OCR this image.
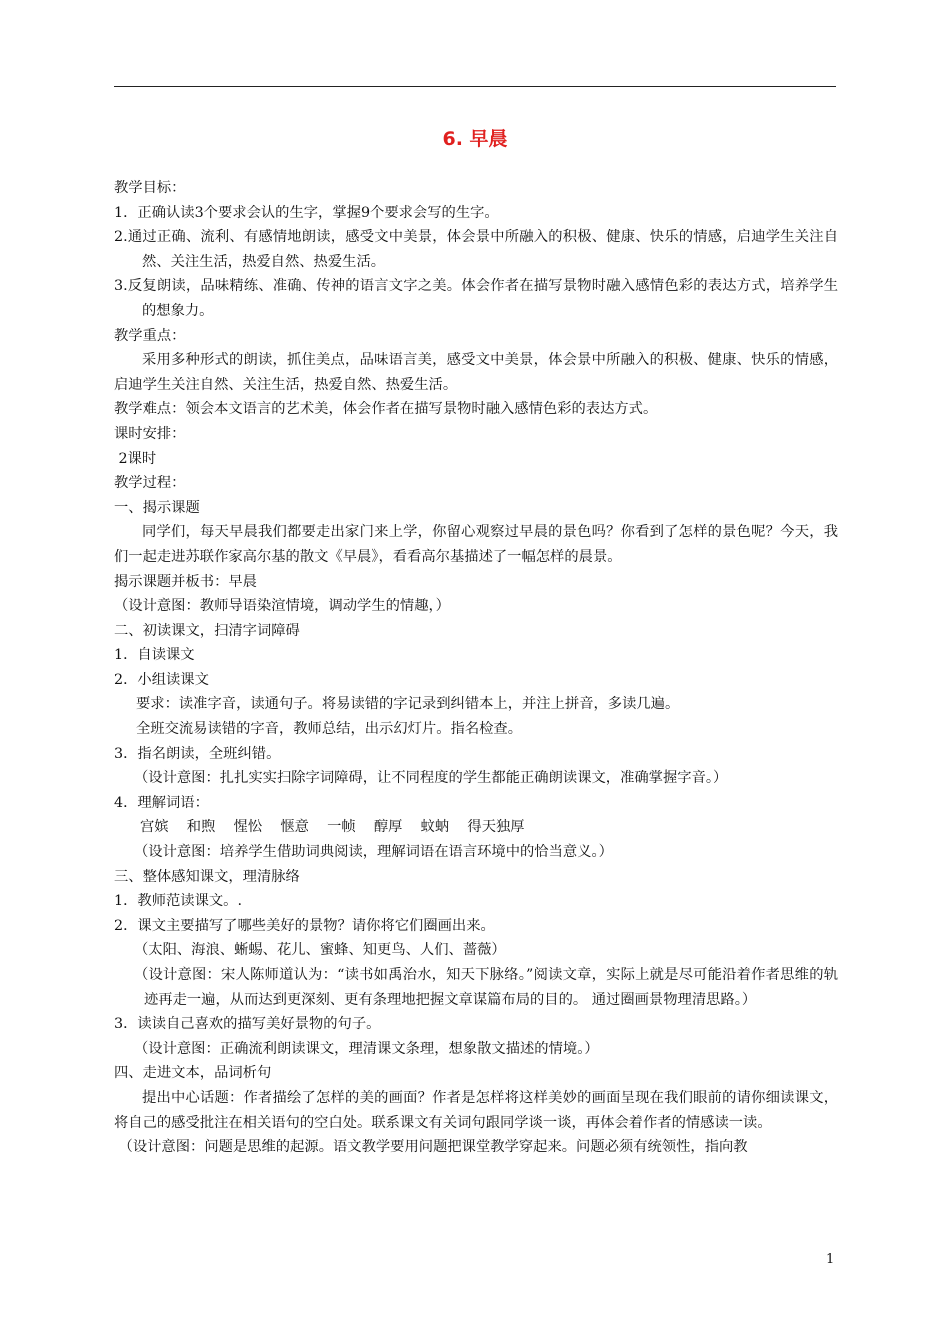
6. 早晨

教学目标：

1．正确认读3个要求会认的生字，掌握9个要求会写的生字。

2.通过正确、流利、有感情地朗读，感受文中美景，体会景中所融入的积极、健康、快乐的情感，启迪学生关注自然、关注生活，热爱自然、热爱生活。

3.反复朗读，品味精练、准确、传神的语言文字之美。体会作者在描写景物时融入感情色彩的表达方式，培养学生的想象力。

教学重点：

采用多种形式的朗读，抓住美点，品味语言美，感受文中美景，体会景中所融入的积极、健康、快乐的情感，启迪学生关注自然、关注生活，热爱自然、热爱生活。

教学难点：领会本文语言的艺术美，体会作者在描写景物时融入感情色彩的表达方式。

课时安排：

2课时

教学过程：

一、揭示课题

同学们，每天早晨我们都要走出家门来上学，你留心观察过早晨的景色吗？你看到了怎样的景色呢？今天，我们一起走进苏联作家高尔基的散文《早晨》，看看高尔基描述了一幅怎样的晨景。

揭示课题并板书：早晨

（设计意图：教师导语染渲情境，调动学生的情趣，）

二、初读课文，扫清字词障碍

1．自读课文

2．小组读课文

要求：读准字音，读通句子。将易读错的字记录到纠错本上，并注上拼音，多读几遍。

全班交流易读错的字音，教师总结，出示幻灯片。指名检查。

3．指名朗读，全班纠错。

（设计意图：扎扎实实扫除字词障碍，让不同程度的学生都能正确朗读课文，准确掌握字音。）

4．理解词语：

宫嫔    和煦    惺忪    惬意    一帧    醇厚    蚊蚋    得天独厚

（设计意图：培养学生借助词典阅读，理解词语在语言环境中的恰当意义。）

三、整体感知课文，理清脉络

1．教师范读课文。.

2．课文主要描写了哪些美好的景物？请你将它们圈画出来。

（太阳、海浪、蜥蜴、花儿、蜜蜂、知更鸟、人们、蔷薇）

（设计意图：宋人陈师道认为：“读书如禹治水，知天下脉络。”阅读文章，实际上就是尽可能沿着作者思维的轨迹再走一遍，从而达到更深刻、更有条理地把握文章谋篇布局的目的。 通过圈画景物理清思路。）

3．读读自己喜欢的描写美好景物的句子。

（设计意图：正确流利朗读课文，理清课文条理，想象散文描述的情境。）

四、走进文本，品词析句

提出中心话题：作者描绘了怎样的美的画面？作者是怎样将这样美妙的画面呈现在我们眼前的请你细读课文，将自己的感受批注在相关语句的空白处。联系课文有关词句跟同学谈一谈，再体会着作者的情感读一读。

（设计意图：问题是思维的起源。语文教学要用问题把课堂教学穿起来。问题必须有统领性，指向教

1
